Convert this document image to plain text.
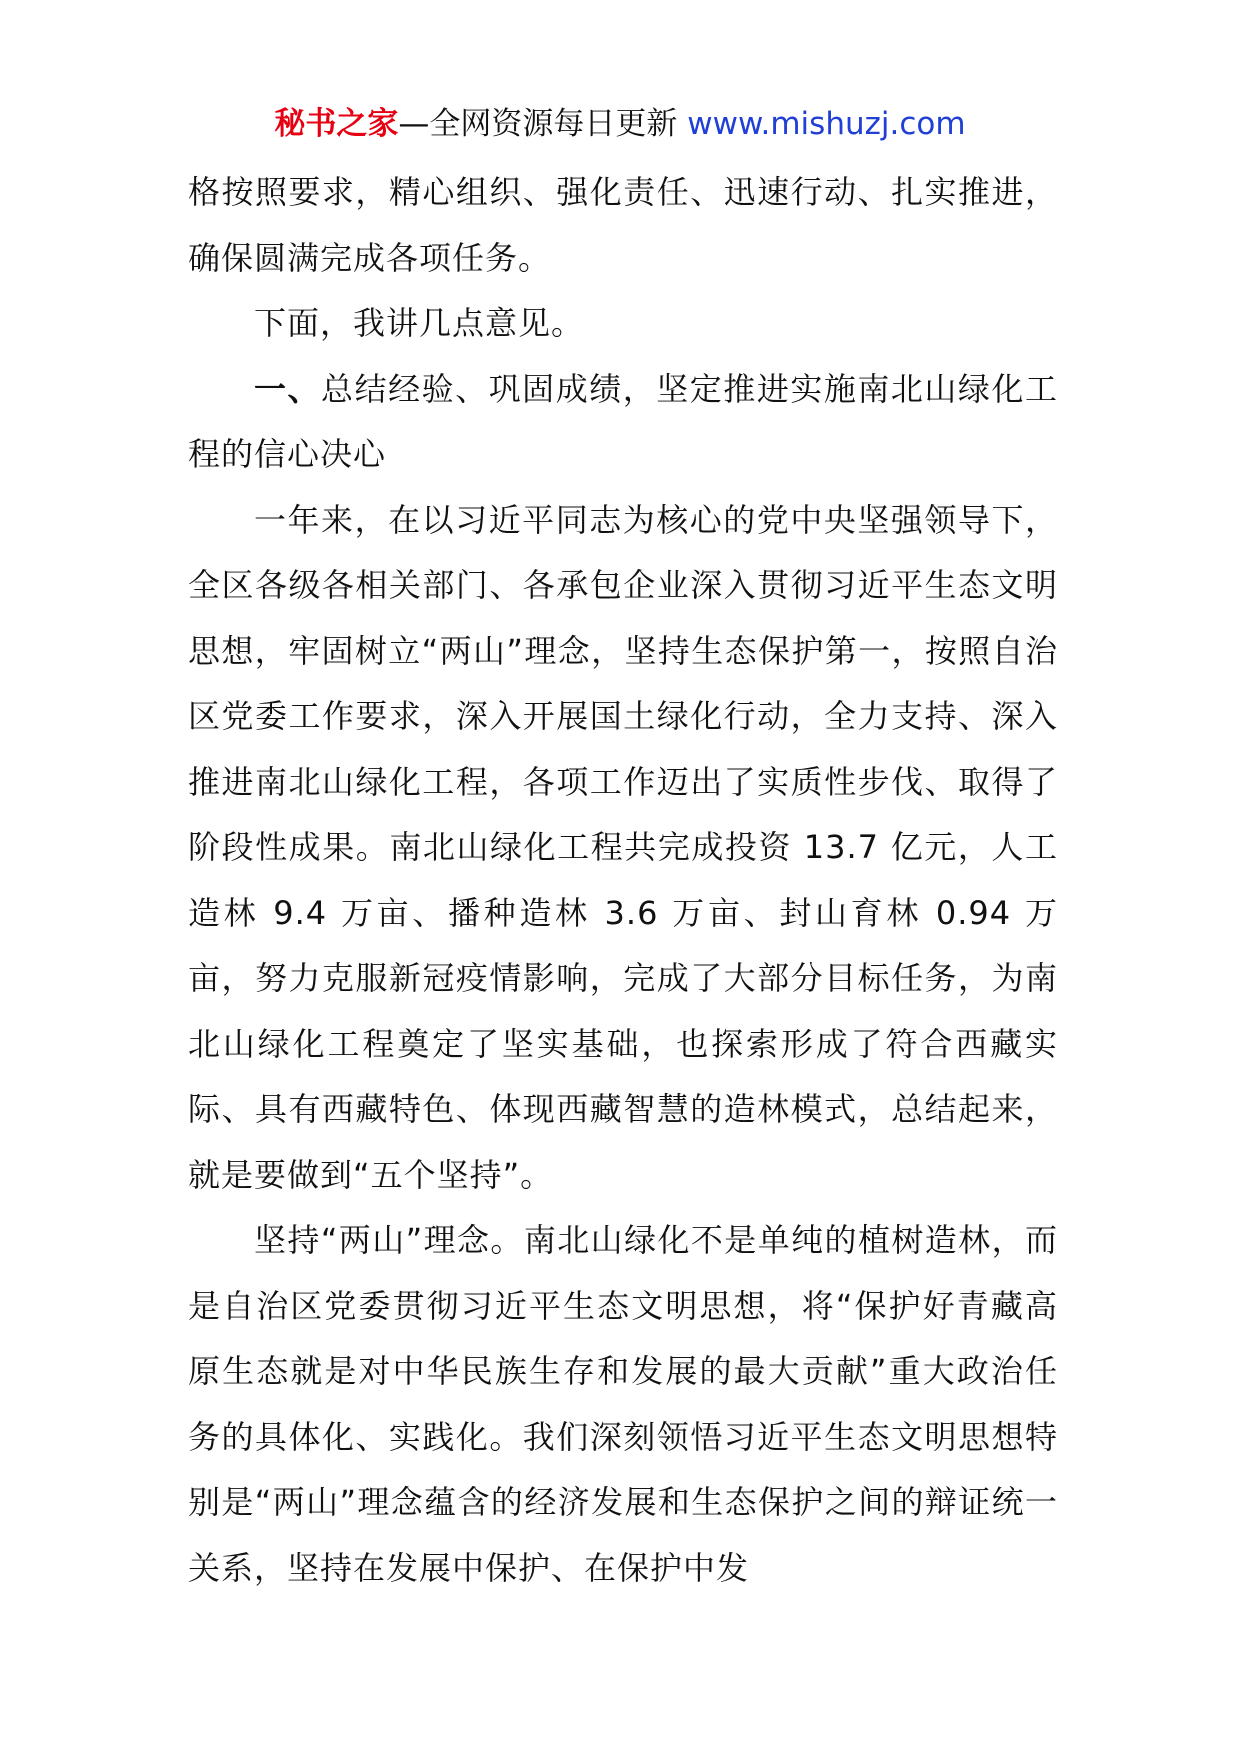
秘书之家—全网资源每日更新 www.mishuzj.com

格按照要求，精心组织、强化责任、迅速行动、扎实推进，确保圆满完成各项任务。

下面，我讲几点意见。

一、总结经验、巩固成绩，坚定推进实施南北山绿化工程的信心决心

一年来，在以习近平同志为核心的党中央坚强领导下，全区各级各相关部门、各承包企业深入贯彻习近平生态文明思想，牢固树立“两山”理念，坚持生态保护第一，按照自治区党委工作要求，深入开展国土绿化行动，全力支持、深入推进南北山绿化工程，各项工作迈出了实质性步伐、取得了阶段性成果。南北山绿化工程共完成投资 13.7 亿元，人工造林 9.4 万亩、播种造林 3.6 万亩、封山育林 0.94 万亩，努力克服新冠疫情影响，完成了大部分目标任务，为南北山绿化工程奠定了坚实基础，也探索形成了符合西藏实际、具有西藏特色、体现西藏智慧的造林模式，总结起来，就是要做到“五个坚持”。

坚持“两山”理念。南北山绿化不是单纯的植树造林，而是自治区党委贯彻习近平生态文明思想，将“保护好青藏高原生态就是对中华民族生存和发展的最大贡献”重大政治任务的具体化、实践化。我们深刻领悟习近平生态文明思想特别是“两山”理念蕴含的经济发展和生态保护之间的辩证统一关系，坚持在发展中保护、在保护中发
